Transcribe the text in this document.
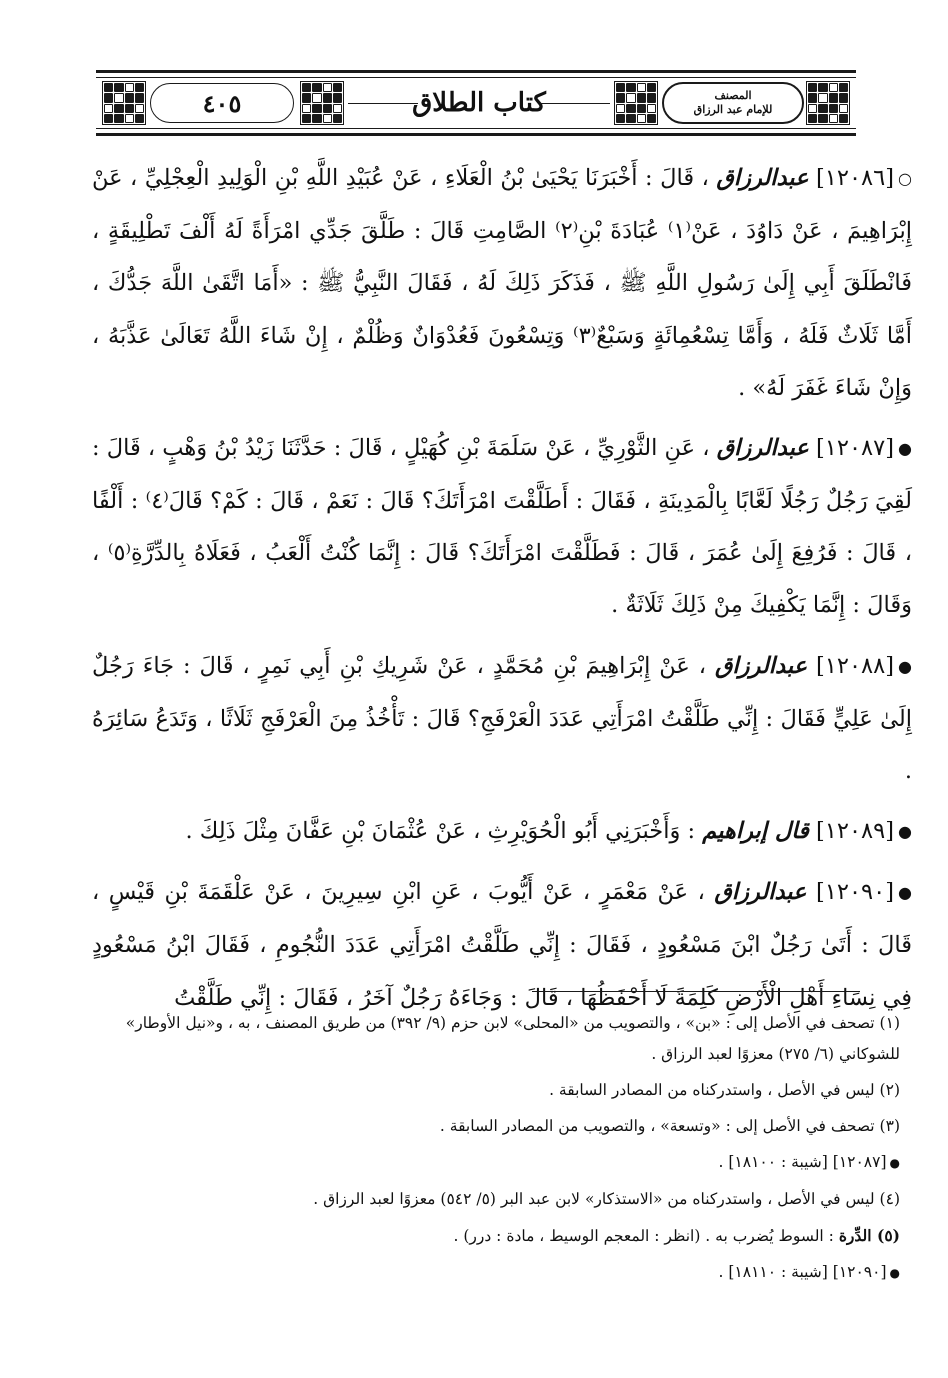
٤٠٥	كتاب الطلاق	المصنف
للإمام عبد الرزاق

○[١٢٠٨٦] عبدالرزاق ، قَالَ : أَخْبَرَنَا يَحْيَىٰ بْنُ الْعَلَاءِ ، عَنْ عُبَيْدِ اللَّهِ بْنِ الْوَلِيدِ الْعِجْلِيِّ ، عَنْ إِبْرَاهِيمَ ، عَنْ دَاوُدَ ، عَنْ⁽١⁾ عُبَادَةَ بْنِ⁽٢⁾ الصَّامِتِ قَالَ : طَلَّقَ جَدِّي امْرَأَةً لَهُ أَلْفَ تَطْلِيقَةٍ ، فَانْطَلَقَ أَبِي إِلَىٰ رَسُولِ اللَّهِ ﷺ ، فَذَكَرَ ذَلِكَ لَهُ ، فَقَالَ النَّبِيُّ ﷺ : «أَمَا اتَّقَىٰ اللَّهَ جَدُّكَ ، أَمَّا ثَلَاثٌ فَلَهُ ، وَأَمَّا تِسْعُمِائَةٍ وَسَبْعٌ⁽٣⁾ وَتِسْعُونَ فَعُدْوَانٌ وَظُلْمٌ ، إِنْ شَاءَ اللَّهُ تَعَالَىٰ عَذَّبَهُ ، وَإِنْ شَاءَ غَفَرَ لَهُ» .

●[١٢٠٨٧] عبدالرزاق ، عَنِ الثَّوْرِيِّ ، عَنْ سَلَمَةَ بْنِ كُهَيْلٍ ، قَالَ : حَدَّثَنَا زَيْدُ بْنُ وَهْبٍ ، قَالَ : لَقِيَ رَجُلٌ رَجُلًا لَعَّابًا بِالْمَدِينَةِ ، فَقَالَ : أَطَلَّقْتَ امْرَأَتَكَ؟ قَالَ : نَعَمْ ، قَالَ : كَمْ؟ قَالَ⁽٤⁾ : أَلْفًا ، قَالَ : فَرُفِعَ إِلَىٰ عُمَرَ ، قَالَ : فَطَلَّقْتَ امْرَأَتَكَ؟ قَالَ : إِنَّمَا كُنْتُ أَلْعَبُ ، فَعَلَاهُ بِالدِّرَّةِ⁽٥⁾ ، وَقَالَ : إِنَّمَا يَكْفِيكَ مِنْ ذَلِكَ ثَلَاثَةٌ .

●[١٢٠٨٨] عبدالرزاق ، عَنْ إِبْرَاهِيمَ بْنِ مُحَمَّدٍ ، عَنْ شَرِيكِ بْنِ أَبِي نَمِرٍ ، قَالَ : جَاءَ رَجُلٌ إِلَىٰ عَلِيٍّ فَقَالَ : إِنِّي طَلَّقْتُ امْرَأَتِي عَدَدَ الْعَرْفَجِ؟ قَالَ : تَأْخُذُ مِنَ الْعَرْفَجِ ثَلَاثًا ، وَتَدَعُ سَائِرَهُ .

●[١٢٠٨٩] قال إبراهيم : وَأَخْبَرَنِي أَبُو الْحُوَيْرِثِ ، عَنْ عُثْمَانَ بْنِ عَفَّانَ مِثْلَ ذَلِكَ .

●[١٢٠٩٠] عبدالرزاق ، عَنْ مَعْمَرٍ ، عَنْ أَيُّوبَ ، عَنِ ابْنِ سِيرِينَ ، عَنْ عَلْقَمَةَ بْنِ قَيْسٍ ، قَالَ : أَتَىٰ رَجُلٌ ابْنَ مَسْعُودٍ ، فَقَالَ : إِنِّي طَلَّقْتُ امْرَأَتِي عَدَدَ النُّجُومِ ، فَقَالَ ابْنُ مَسْعُودٍ فِي نِسَاءِ أَهْلِ الْأَرْضِ كَلِمَةً لَا أَحْفَظُهَا ، قَالَ : وَجَاءَهُ رَجُلٌ آخَرُ ، فَقَالَ : إِنِّي طَلَّقْتُ

(١) تصحف في الأصل إلى : «بن» ، والتصويب من «المحلى» لابن حزم (٩/ ٣٩٢) من طريق المصنف ، به ، و«نيل الأوطار» للشوكاني (٦/ ٢٧٥) معزوًا لعبد الرزاق .

(٢) ليس في الأصل ، واستدركناه من المصادر السابقة .

(٣) تصحف في الأصل إلى : «وتسعة» ، والتصويب من المصادر السابقة .

●[١٢٠٨٧] [شيبة : ١٨١٠٠] .

(٤) ليس في الأصل ، واستدركناه من «الاستذكار» لابن عبد البر (٥/ ٥٤٢) معزوًا لعبد الرزاق .

(٥) الدِّرة : السوط يُضرب به . (انظر : المعجم الوسيط ، مادة : درر) .

●[١٢٠٩٠] [شيبة : ١٨١١٠] .
